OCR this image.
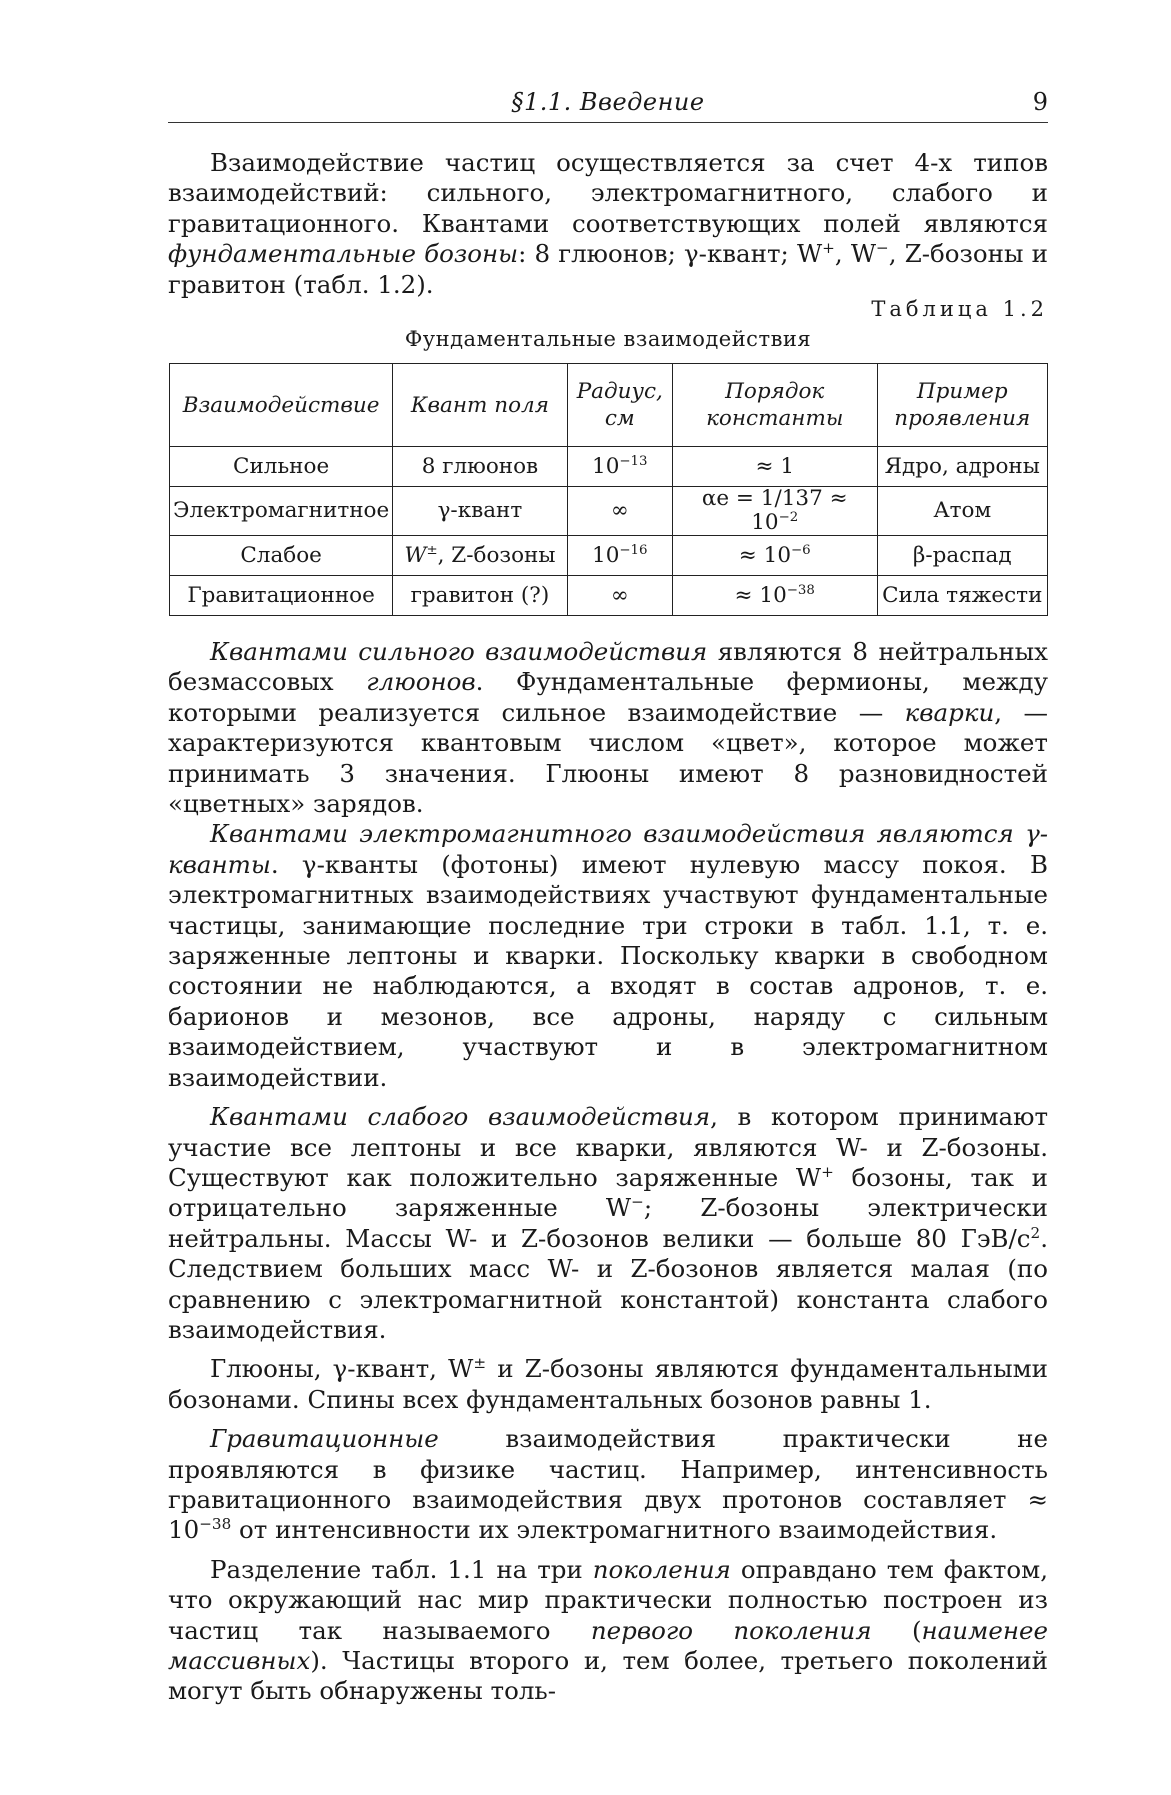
§1.1. Введение	9

Взаимодействие частиц осуществляется за счет 4-х типов взаимодействий: сильного, электромагнитного, слабого и гравитационного. Квантами соответствующих полей являются фундаментальные бозоны: 8 глюонов; γ-квант; W+, W−, Z-бозоны и гравитон (табл. 1.2).

Таблица 1.2
Фундаментальные взаимодействия
Взаимодействие	Квант поля	Радиус, см	Порядок константы	Пример проявления
Сильное	8 глюонов	$10^{-13}$	≈ 1	Ядро, адроны
Электромагнитное	γ-квант	∞	$\alpha e = 1/137 \approx 10^{-2}$	Атом
Слабое	W±, Z-бозоны	$10^{-16}$	≈ $10^{-6}$	β-распад
Гравитационное	гравитон (?)	∞	≈ $10^{-38}$	Сила тяжести

Квантами сильного взаимодействия являются 8 нейтральных безмассовых глюонов. Фундаментальные фермионы, между которыми реализуется сильное взаимодействие — кварки, — характеризуются квантовым числом «цвет», которое может принимать 3 значения. Глюоны имеют 8 разновидностей «цветных» зарядов.

Квантами электромагнитного взаимодействия являются γ-кванты. γ-кванты (фотоны) имеют нулевую массу покоя. В электромагнитных взаимодействиях участвуют фундаментальные частицы, занимающие последние три строки в табл. 1.1, т. е. заряженные лептоны и кварки. Поскольку кварки в свободном состоянии не наблюдаются, а входят в состав адронов, т. е. барионов и мезонов, все адроны, наряду с сильным взаимодействием, участвуют и в электромагнитном взаимодействии.

Квантами слабого взаимодействия, в котором принимают участие все лептоны и все кварки, являются W- и Z-бозоны. Существуют как положительно заряженные W+ бозоны, так и отрицательно заряженные W−; Z-бозоны электрически нейтральны. Массы W- и Z-бозонов велики — больше 80 ГэВ/$c^2$. Следствием больших масс W- и Z-бозонов является малая (по сравнению с электромагнитной константой) константа слабого взаимодействия.

Глюоны, γ-квант, W± и Z-бозоны являются фундаментальными бозонами. Спины всех фундаментальных бозонов равны 1.

Гравитационные взаимодействия практически не проявляются в физике частиц. Например, интенсивность гравитационного взаимодействия двух протонов составляет ≈ $10^{-38}$ от интенсивности их электромагнитного взаимодействия.

Разделение табл. 1.1 на три поколения оправдано тем фактом, что окружающий нас мир практически полностью построен из частиц так называемого первого поколения (наименее массивных). Частицы второго и, тем более, третьего поколений могут быть обнаружены толь-
